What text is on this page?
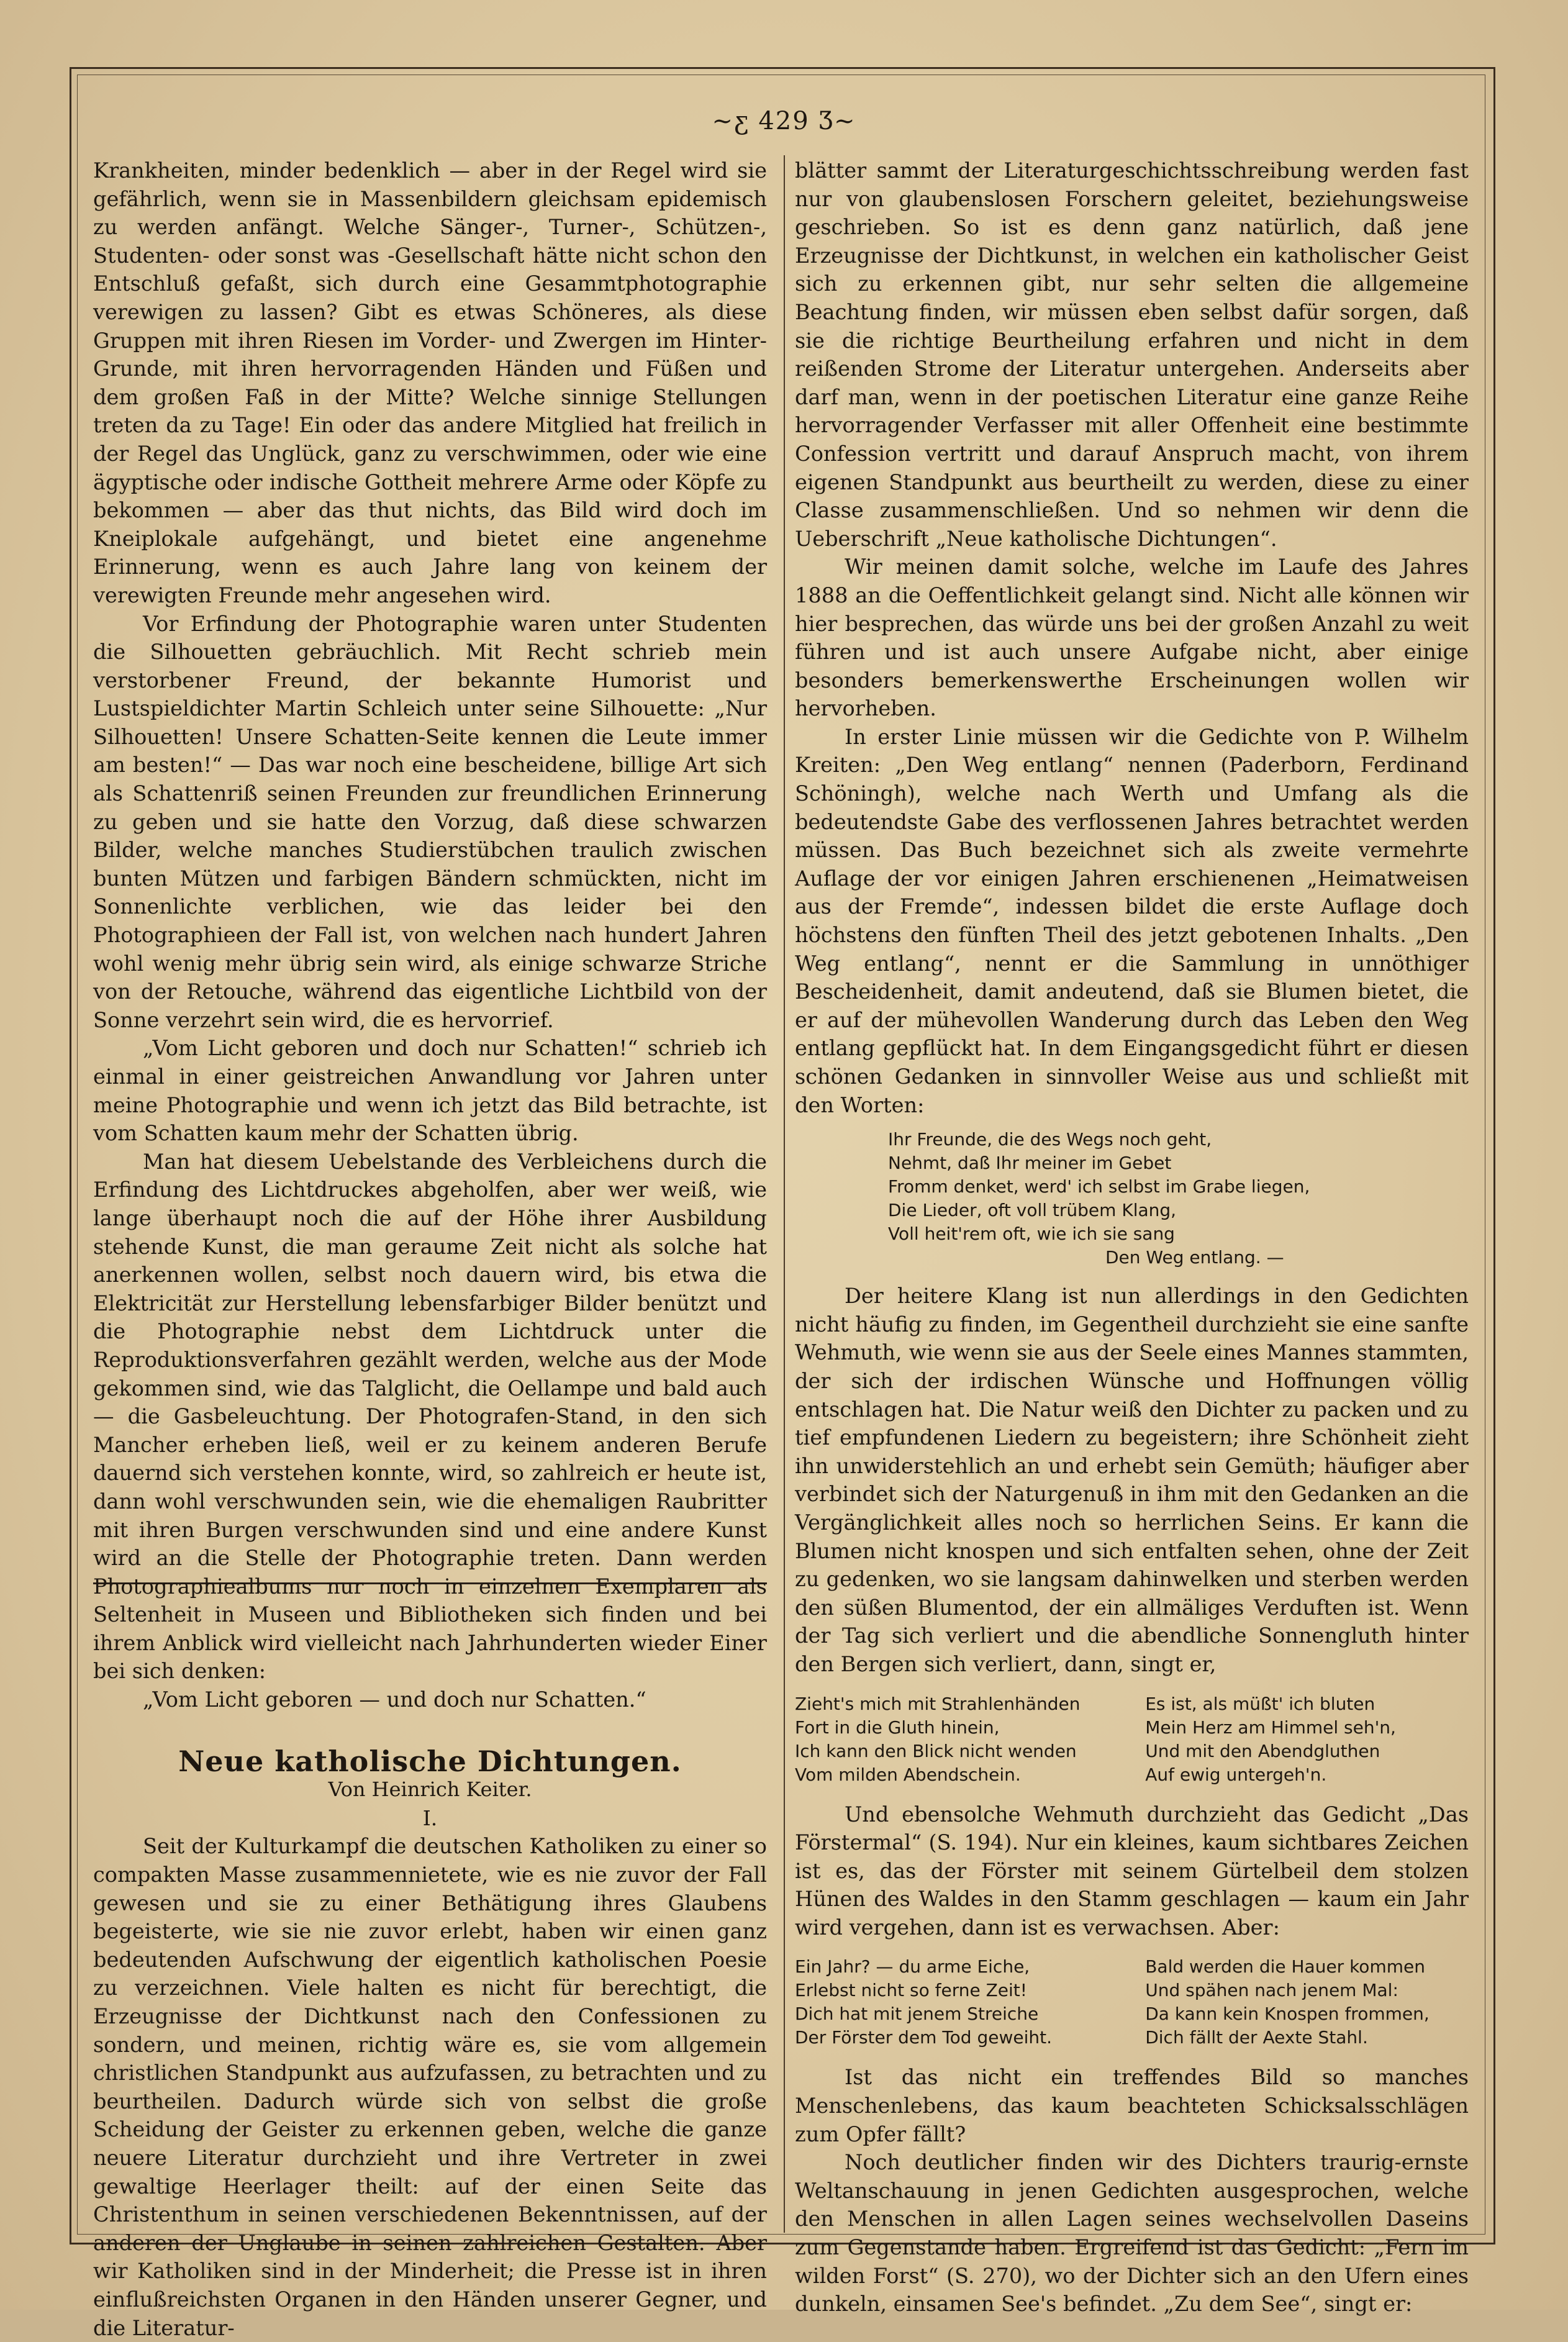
~ƹ 429 Ʒ~

Krankheiten, minder bedenklich — aber in der Regel wird sie gefährlich, wenn sie in Massenbildern gleichsam epidemisch zu werden anfängt. Welche Sänger-, Turner-, Schützen-, Studenten- oder sonst was -Gesellschaft hätte nicht schon den Entschluß gefaßt, sich durch eine Gesammtphotographie verewigen zu lassen? Gibt es etwas Schöneres, als diese Gruppen mit ihren Riesen im Vorder- und Zwergen im Hinter-Grunde, mit ihren hervorragenden Händen und Füßen und dem großen Faß in der Mitte? Welche sinnige Stellungen treten da zu Tage! Ein oder das andere Mitglied hat freilich in der Regel das Unglück, ganz zu verschwimmen, oder wie eine ägyptische oder indische Gottheit mehrere Arme oder Köpfe zu bekommen — aber das thut nichts, das Bild wird doch im Kneiplokale aufgehängt, und bietet eine angenehme Erinnerung, wenn es auch Jahre lang von keinem der verewigten Freunde mehr angesehen wird.

Vor Erfindung der Photographie waren unter Studenten die Silhouetten gebräuchlich. Mit Recht schrieb mein verstorbener Freund, der bekannte Humorist und Lustspieldichter Martin Schleich unter seine Silhouette: „Nur Silhouetten! Unsere Schatten-Seite kennen die Leute immer am besten!“ — Das war noch eine bescheidene, billige Art sich als Schattenriß seinen Freunden zur freundlichen Erinnerung zu geben und sie hatte den Vorzug, daß diese schwarzen Bilder, welche manches Studierstübchen traulich zwischen bunten Mützen und farbigen Bändern schmückten, nicht im Sonnenlichte verblichen, wie das leider bei den Photographieen der Fall ist, von welchen nach hundert Jahren wohl wenig mehr übrig sein wird, als einige schwarze Striche von der Retouche, während das eigentliche Lichtbild von der Sonne verzehrt sein wird, die es hervorrief.

„Vom Licht geboren und doch nur Schatten!“ schrieb ich einmal in einer geistreichen Anwandlung vor Jahren unter meine Photographie und wenn ich jetzt das Bild betrachte, ist vom Schatten kaum mehr der Schatten übrig.

Man hat diesem Uebelstande des Verbleichens durch die Erfindung des Lichtdruckes abgeholfen, aber wer weiß, wie lange überhaupt noch die auf der Höhe ihrer Ausbildung stehende Kunst, die man geraume Zeit nicht als solche hat anerkennen wollen, selbst noch dauern wird, bis etwa die Elektricität zur Herstellung lebensfarbiger Bilder benützt und die Photographie nebst dem Lichtdruck unter die Reproduktionsverfahren gezählt werden, welche aus der Mode gekommen sind, wie das Talglicht, die Oellampe und bald auch — die Gasbeleuchtung. Der Photografen-Stand, in den sich Mancher erheben ließ, weil er zu keinem anderen Berufe dauernd sich verstehen konnte, wird, so zahlreich er heute ist, dann wohl verschwunden sein, wie die ehemaligen Raubritter mit ihren Burgen verschwunden sind und eine andere Kunst wird an die Stelle der Photographie treten. Dann werden Photographiealbums nur noch in einzelnen Exemplaren als Seltenheit in Museen und Bibliotheken sich finden und bei ihrem Anblick wird vielleicht nach Jahrhunderten wieder Einer bei sich denken:

„Vom Licht geboren — und doch nur Schatten.“

Neue katholische Dichtungen.

Von Heinrich Keiter.

I.

Seit der Kulturkampf die deutschen Katholiken zu einer so compakten Masse zusammennietete, wie es nie zuvor der Fall gewesen und sie zu einer Bethätigung ihres Glaubens begeisterte, wie sie nie zuvor erlebt, haben wir einen ganz bedeutenden Aufschwung der eigentlich katholischen Poesie zu verzeichnen. Viele halten es nicht für berechtigt, die Erzeugnisse der Dichtkunst nach den Confessionen zu sondern, und meinen, richtig wäre es, sie vom allgemein christlichen Standpunkt aus aufzufassen, zu betrachten und zu beurtheilen. Dadurch würde sich von selbst die große Scheidung der Geister zu erkennen geben, welche die ganze neuere Literatur durchzieht und ihre Vertreter in zwei gewaltige Heerlager theilt: auf der einen Seite das Christenthum in seinen verschiedenen Bekenntnissen, auf der anderen der Unglaube in seinen zahlreichen Gestalten. Aber wir Katholiken sind in der Minderheit; die Presse ist in ihren einflußreichsten Organen in den Händen unserer Gegner, und die Literatur-

blätter sammt der Literaturgeschichtsschreibung werden fast nur von glaubenslosen Forschern geleitet, beziehungsweise geschrieben. So ist es denn ganz natürlich, daß jene Erzeugnisse der Dichtkunst, in welchen ein katholischer Geist sich zu erkennen gibt, nur sehr selten die allgemeine Beachtung finden, wir müssen eben selbst dafür sorgen, daß sie die richtige Beurtheilung erfahren und nicht in dem reißenden Strome der Literatur untergehen. Anderseits aber darf man, wenn in der poetischen Literatur eine ganze Reihe hervorragender Verfasser mit aller Offenheit eine bestimmte Confession vertritt und darauf Anspruch macht, von ihrem eigenen Standpunkt aus beurtheilt zu werden, diese zu einer Classe zusammenschließen. Und so nehmen wir denn die Ueberschrift „Neue katholische Dichtungen“.

Wir meinen damit solche, welche im Laufe des Jahres 1888 an die Oeffentlichkeit gelangt sind. Nicht alle können wir hier besprechen, das würde uns bei der großen Anzahl zu weit führen und ist auch unsere Aufgabe nicht, aber einige besonders bemerkenswerthe Erscheinungen wollen wir hervorheben.

In erster Linie müssen wir die Gedichte von P. Wilhelm Kreiten: „Den Weg entlang“ nennen (Paderborn, Ferdinand Schöningh), welche nach Werth und Umfang als die bedeutendste Gabe des verflossenen Jahres betrachtet werden müssen. Das Buch bezeichnet sich als zweite vermehrte Auflage der vor einigen Jahren erschienenen „Heimatweisen aus der Fremde“, indessen bildet die erste Auflage doch höchstens den fünften Theil des jetzt gebotenen Inhalts. „Den Weg entlang“, nennt er die Sammlung in unnöthiger Bescheidenheit, damit andeutend, daß sie Blumen bietet, die er auf der mühevollen Wanderung durch das Leben den Weg entlang gepflückt hat. In dem Eingangsgedicht führt er diesen schönen Gedanken in sinnvoller Weise aus und schließt mit den Worten:

Ihr Freunde, die des Wegs noch geht,
Nehmt, daß Ihr meiner im Gebet
Fromm denket, werd' ich selbst im Grabe liegen,
Die Lieder, oft voll trübem Klang,
Voll heit'rem oft, wie ich sie sang
Den Weg entlang. —

Der heitere Klang ist nun allerdings in den Gedichten nicht häufig zu finden, im Gegentheil durchzieht sie eine sanfte Wehmuth, wie wenn sie aus der Seele eines Mannes stammten, der sich der irdischen Wünsche und Hoffnungen völlig entschlagen hat. Die Natur weiß den Dichter zu packen und zu tief empfundenen Liedern zu begeistern; ihre Schönheit zieht ihn unwiderstehlich an und erhebt sein Gemüth; häufiger aber verbindet sich der Naturgenuß in ihm mit den Gedanken an die Vergänglichkeit alles noch so herrlichen Seins. Er kann die Blumen nicht knospen und sich entfalten sehen, ohne der Zeit zu gedenken, wo sie langsam dahinwelken und sterben werden den süßen Blumentod, der ein allmäliges Verduften ist. Wenn der Tag sich verliert und die abendliche Sonnengluth hinter den Bergen sich verliert, dann, singt er,

Zieht's mich mit Strahlenhänden
Fort in die Gluth hinein,
Ich kann den Blick nicht wenden
Vom milden Abendschein.
Es ist, als müßt' ich bluten
Mein Herz am Himmel seh'n,
Und mit den Abendgluthen
Auf ewig untergeh'n.

Und ebensolche Wehmuth durchzieht das Gedicht „Das Förstermal“ (S. 194). Nur ein kleines, kaum sichtbares Zeichen ist es, das der Förster mit seinem Gürtelbeil dem stolzen Hünen des Waldes in den Stamm geschlagen — kaum ein Jahr wird vergehen, dann ist es verwachsen. Aber:

Ein Jahr? — du arme Eiche,
Erlebst nicht so ferne Zeit!
Dich hat mit jenem Streiche
Der Förster dem Tod geweiht.
Bald werden die Hauer kommen
Und spähen nach jenem Mal:
Da kann kein Knospen frommen,
Dich fällt der Aexte Stahl.

Ist das nicht ein treffendes Bild so manches Menschenlebens, das kaum beachteten Schicksalsschlägen zum Opfer fällt?

Noch deutlicher finden wir des Dichters traurig-ernste Weltanschauung in jenen Gedichten ausgesprochen, welche den Menschen in allen Lagen seines wechselvollen Daseins zum Gegenstande haben. Ergreifend ist das Gedicht: „Fern im wilden Forst“ (S. 270), wo der Dichter sich an den Ufern eines dunkeln, einsamen See's befindet. „Zu dem See“, singt er:
